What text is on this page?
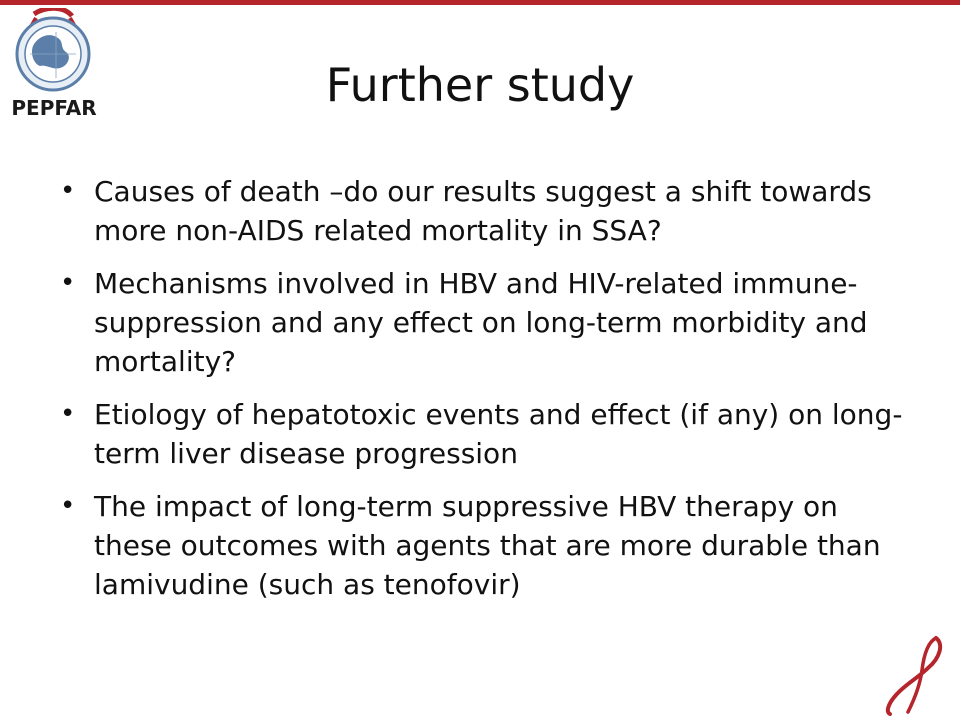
PEPFAR	Further study
• Causes of death –do our results suggest a shift towards more non-AIDS related mortality in SSA?
• Mechanisms involved in HBV and HIV-related immune-suppression and any effect on long-term morbidity and mortality?
• Etiology of hepatotoxic events and effect (if any) on long-term liver disease progression
• The impact of long-term suppressive HBV therapy on these outcomes with agents that are more durable than lamivudine (such as tenofovir)
